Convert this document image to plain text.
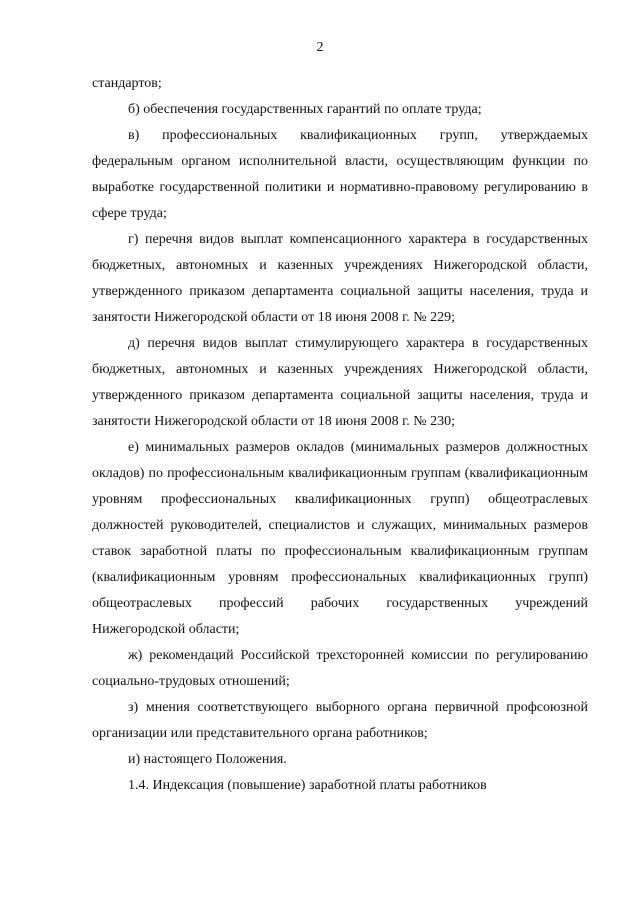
2

стандартов;

б) обеспечения государственных гарантий по оплате труда;

в) профессиональных квалификационных групп, утверждаемых федеральным органом исполнительной власти, осуществляющим функции по выработке государственной политики и нормативно-правовому регулированию в сфере труда;

г) перечня видов выплат компенсационного характера в государственных бюджетных, автономных и казенных учреждениях Нижегородской области, утвержденного приказом департамента социальной защиты населения, труда и занятости Нижегородской области от 18 июня 2008 г. № 229;

д) перечня видов выплат стимулирующего характера в государственных бюджетных, автономных и казенных учреждениях Нижегородской области, утвержденного приказом департамента социальной защиты населения, труда и занятости Нижегородской области от 18 июня 2008 г. № 230;

е) минимальных размеров окладов (минимальных размеров должностных окладов) по профессиональным квалификационным группам (квалификационным уровням профессиональных квалификационных групп) общеотраслевых должностей руководителей, специалистов и служащих, минимальных размеров ставок заработной платы по профессиональным квалификационным группам (квалификационным уровням профессиональных квалификационных групп) общеотраслевых профессий рабочих государственных учреждений Нижегородской области;

ж) рекомендаций Российской трехсторонней комиссии по регулированию социально-трудовых отношений;

з) мнения соответствующего выборного органа первичной профсоюзной организации или представительного органа работников;

и) настоящего Положения.

1.4. Индексация (повышение) заработной платы работников
